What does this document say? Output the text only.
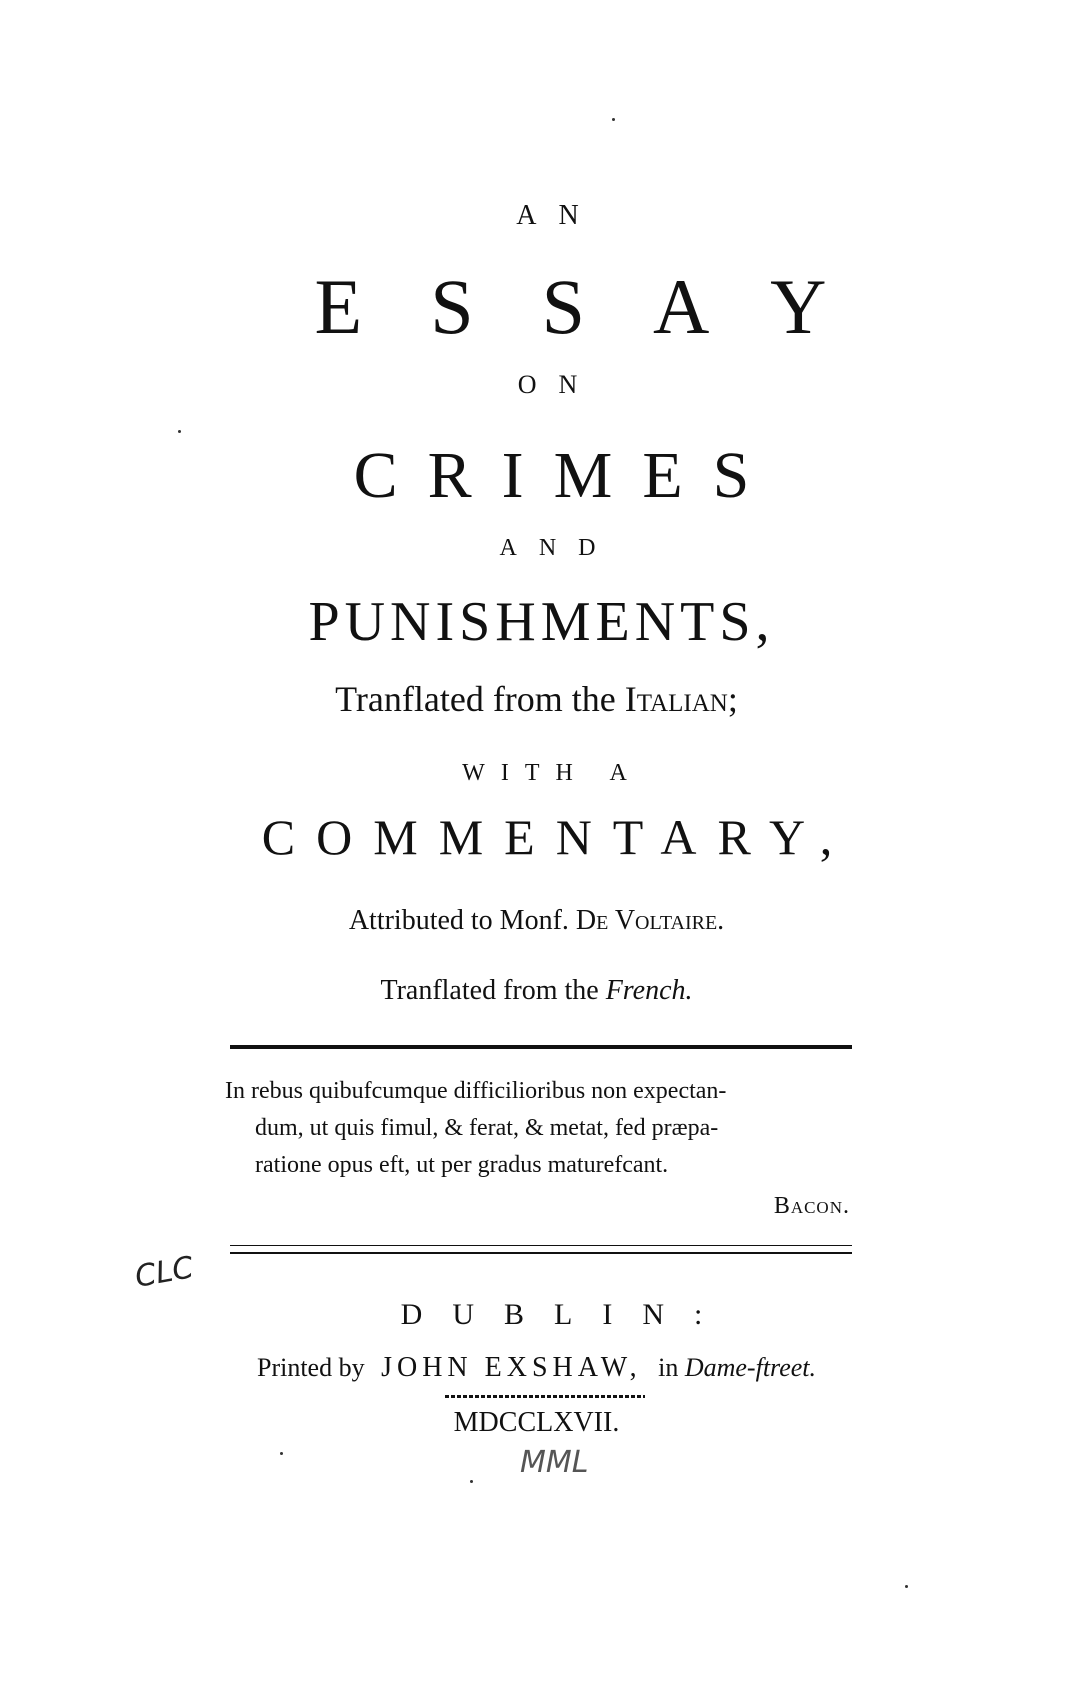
AN
ESSAY
ON
CRIMES
AND
PUNISHMENTS,
Tranflated from the Italian;
WITH A
COMMENTARY,
Attributed to Monf. De Voltaire.
Tranflated from the French.
In rebus quibufcumque difficilioribus non expectan-
dum, ut quis fimul, & ferat, & metat, fed præpa-
ratione opus eft, ut per gradus maturefcant.
Bacon.
DUBLIN:
Printed by JOHN EXSHAW, in Dame-ftreet.
MDCCLXVII.
CLC
MML
